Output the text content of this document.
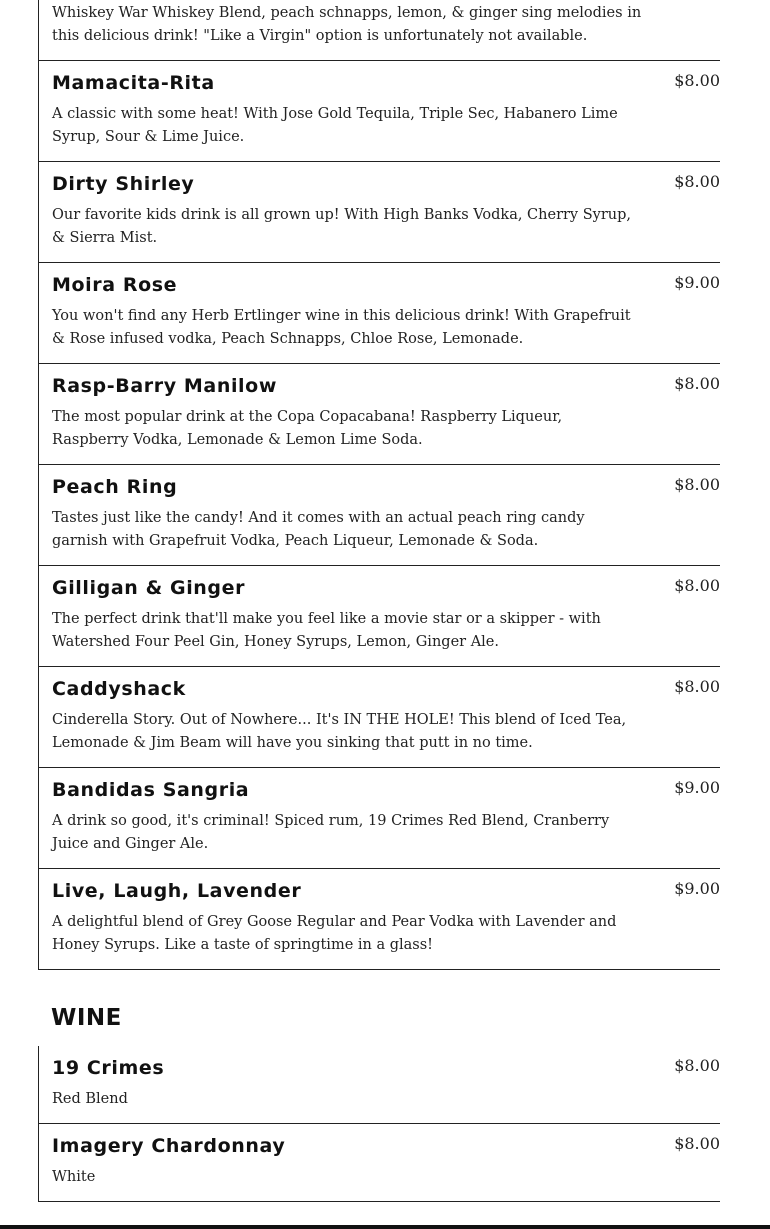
Whiskey War Whiskey Blend, peach schnapps, lemon, & ginger sing melodies in this delicious drink! "Like a Virgin" option is unfortunately not available.
Mamacita-Rita	$8.00
A classic with some heat! With Jose Gold Tequila, Triple Sec, Habanero Lime Syrup, Sour & Lime Juice.
Dirty Shirley	$8.00
Our favorite kids drink is all grown up! With High Banks Vodka, Cherry Syrup, & Sierra Mist.
Moira Rose	$9.00
You won't find any Herb Ertlinger wine in this delicious drink! With Grapefruit & Rose infused vodka, Peach Schnapps, Chloe Rose, Lemonade.
Rasp-Barry Manilow	$8.00
The most popular drink at the Copa Copacabana! Raspberry Liqueur, Raspberry Vodka, Lemonade & Lemon Lime Soda.
Peach Ring	$8.00
Tastes just like the candy! And it comes with an actual peach ring candy garnish with Grapefruit Vodka, Peach Liqueur, Lemonade & Soda.
Gilligan & Ginger	$8.00
The perfect drink that'll make you feel like a movie star or a skipper - with Watershed Four Peel Gin, Honey Syrups, Lemon, Ginger Ale.
Caddyshack	$8.00
Cinderella Story. Out of Nowhere... It's IN THE HOLE! This blend of Iced Tea, Lemonade & Jim Beam will have you sinking that putt in no time.
Bandidas Sangria	$9.00
A drink so good, it's criminal! Spiced rum, 19 Crimes Red Blend, Cranberry Juice and Ginger Ale.
Live, Laugh, Lavender	$9.00
A delightful blend of Grey Goose Regular and Pear Vodka with Lavender and Honey Syrups. Like a taste of springtime in a glass!
WINE
19 Crimes	$8.00
Red Blend
Imagery Chardonnay	$8.00
White
